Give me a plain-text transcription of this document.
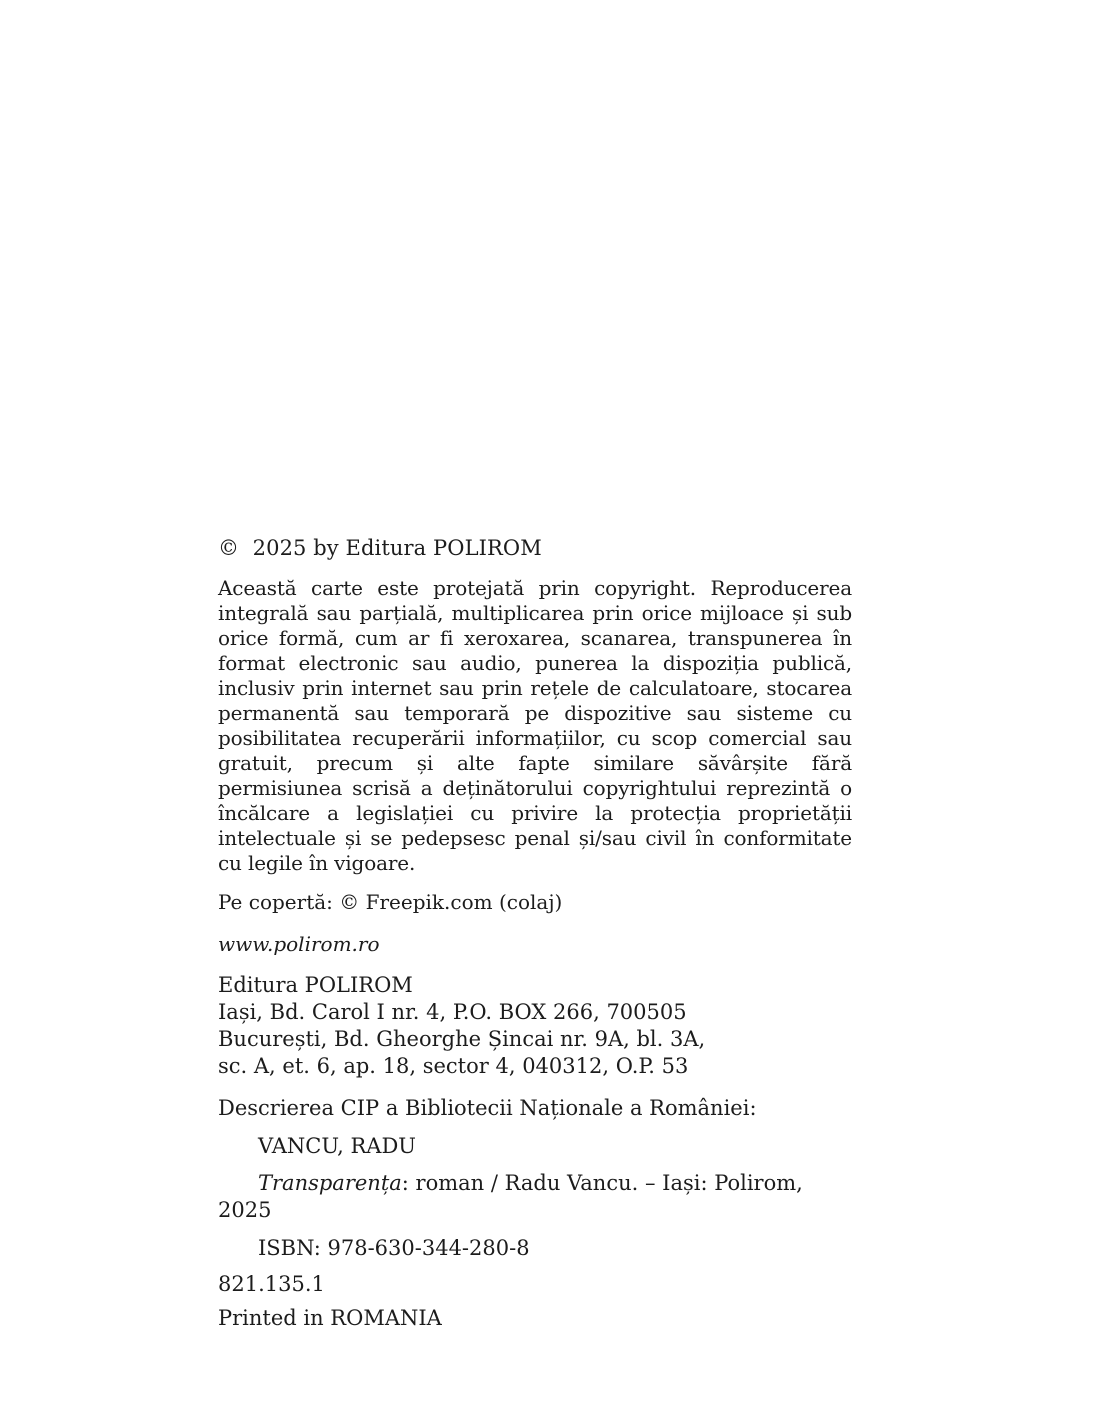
©  2025 by Editura POLIROM

Această carte este protejată prin copyright. Reproducerea integrală sau parțială, multiplicarea prin orice mijloace și sub orice formă, cum ar fi xeroxarea, scanarea, transpunerea în format electronic sau audio, punerea la dispoziția publică, inclusiv prin internet sau prin rețele de calculatoare, stocarea permanentă sau temporară pe dispozitive sau sisteme cu posibilitatea recuperării informațiilor, cu scop comercial sau gratuit, precum și alte fapte similare săvârșite fără permisiunea scrisă a deținătorului copyrightului reprezintă o încălcare a legislației cu privire la protecția proprietății intelectuale și se pedepsesc penal și/sau civil în conformitate cu legile în vigoare.

Pe copertă: © Freepik.com (colaj)

www.polirom.ro

Editura POLIROM
Iași, Bd. Carol I nr. 4, P.O. BOX 266, 700505
București, Bd. Gheorghe Șincai nr. 9A, bl. 3A,
sc. A, et. 6, ap. 18, sector 4, 040312, O.P. 53

Descrierea CIP a Bibliotecii Naționale a României:

VANCU, RADU

Transparența: roman / Radu Vancu. – Iași: Polirom, 2025

ISBN: 978-630-344-280-8

821.135.1

Printed in ROMANIA
